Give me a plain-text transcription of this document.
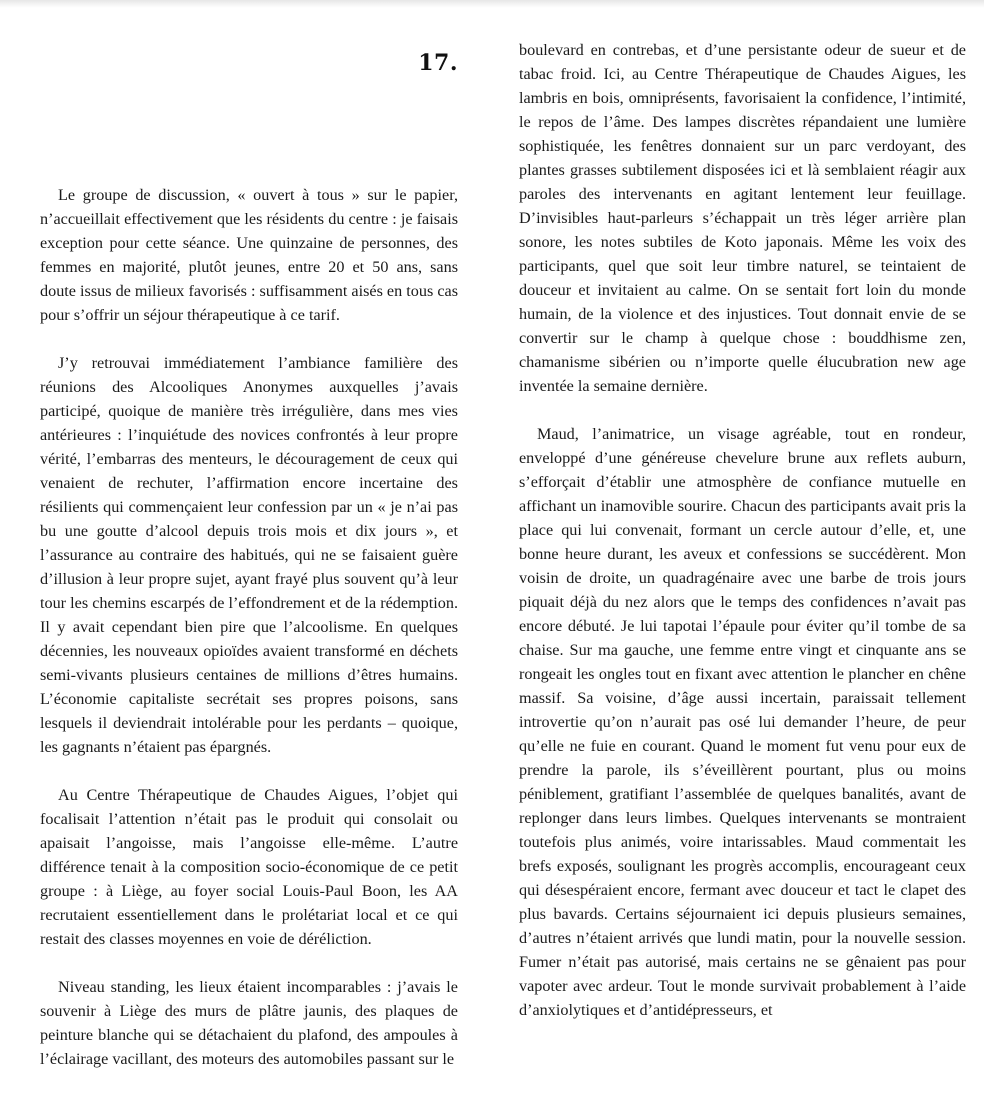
17.

Le groupe de discussion, « ouvert à tous » sur le papier, n’accueillait effectivement que les résidents du centre : je faisais exception pour cette séance. Une quinzaine de personnes, des femmes en majorité, plutôt jeunes, entre 20 et 50 ans, sans doute issus de milieux favorisés : suffisamment aisés en tous cas pour s’offrir un séjour thérapeutique à ce tarif.

J’y retrouvai immédiatement l’ambiance familière des réunions des Alcooliques Anonymes auxquelles j’avais participé, quoique de manière très irrégulière, dans mes vies antérieures : l’inquiétude des novices confrontés à leur propre vérité, l’embarras des menteurs, le découragement de ceux qui venaient de rechuter, l’affirmation encore incertaine des résilients qui commençaient leur confession par un « je n’ai pas bu une goutte d’alcool depuis trois mois et dix jours », et l’assurance au contraire des habitués, qui ne se faisaient guère d’illusion à leur propre sujet, ayant frayé plus souvent qu’à leur tour les chemins escarpés de l’effondrement et de la rédemption. Il y avait cependant bien pire que l’alcoolisme. En quelques décennies, les nouveaux opioïdes avaient transformé en déchets semi-vivants plusieurs centaines de millions d’êtres humains. L’économie capitaliste secrétait ses propres poisons, sans lesquels il deviendrait intolérable pour les perdants – quoique, les gagnants n’étaient pas épargnés.

Au Centre Thérapeutique de Chaudes Aigues, l’objet qui focalisait l’attention n’était pas le produit qui consolait ou apaisait l’angoisse, mais l’angoisse elle-même. L’autre différence tenait à la composition socio-économique de ce petit groupe : à Liège, au foyer social Louis-Paul Boon, les AA recrutaient essentiellement dans le prolétariat local et ce qui restait des classes moyennes en voie de déréliction.

Niveau standing, les lieux étaient incomparables : j’avais le souvenir à Liège des murs de plâtre jaunis, des plaques de peinture blanche qui se détachaient du plafond, des ampoules à l’éclairage vacillant, des moteurs des automobiles passant sur le

boulevard en contrebas, et d’une persistante odeur de sueur et de tabac froid. Ici, au Centre Thérapeutique de Chaudes Aigues, les lambris en bois, omniprésents, favorisaient la confidence, l’intimité, le repos de l’âme. Des lampes discrètes répandaient une lumière sophistiquée, les fenêtres donnaient sur un parc verdoyant, des plantes grasses subtilement disposées ici et là semblaient réagir aux paroles des intervenants en agitant lentement leur feuillage. D’invisibles haut-parleurs s’échappait un très léger arrière plan sonore, les notes subtiles de Koto japonais. Même les voix des participants, quel que soit leur timbre naturel, se teintaient de douceur et invitaient au calme. On se sentait fort loin du monde humain, de la violence et des injustices. Tout donnait envie de se convertir sur le champ à quelque chose : bouddhisme zen, chamanisme sibérien ou n’importe quelle élucubration new age inventée la semaine dernière.

Maud, l’animatrice, un visage agréable, tout en rondeur, enveloppé d’une généreuse chevelure brune aux reflets auburn, s’efforçait d’établir une atmosphère de confiance mutuelle en affichant un inamovible sourire. Chacun des participants avait pris la place qui lui convenait, formant un cercle autour d’elle, et, une bonne heure durant, les aveux et confessions se succédèrent. Mon voisin de droite, un quadragénaire avec une barbe de trois jours piquait déjà du nez alors que le temps des confidences n’avait pas encore débuté. Je lui tapotai l’épaule pour éviter qu’il tombe de sa chaise. Sur ma gauche, une femme entre vingt et cinquante ans se rongeait les ongles tout en fixant avec attention le plancher en chêne massif. Sa voisine, d’âge aussi incertain, paraissait tellement introvertie qu’on n’aurait pas osé lui demander l’heure, de peur qu’elle ne fuie en courant. Quand le moment fut venu pour eux de prendre la parole, ils s’éveillèrent pourtant, plus ou moins péniblement, gratifiant l’assemblée de quelques banalités, avant de replonger dans leurs limbes. Quelques intervenants se montraient toutefois plus animés, voire intarissables. Maud commentait les brefs exposés, soulignant les progrès accomplis, encourageant ceux qui désespéraient encore, fermant avec douceur et tact le clapet des plus bavards. Certains séjournaient ici depuis plusieurs semaines, d’autres n’étaient arrivés que lundi matin, pour la nouvelle session. Fumer n’était pas autorisé, mais certains ne se gênaient pas pour vapoter avec ardeur. Tout le monde survivait probablement à l’aide d’anxiolytiques et d’antidépresseurs, et
